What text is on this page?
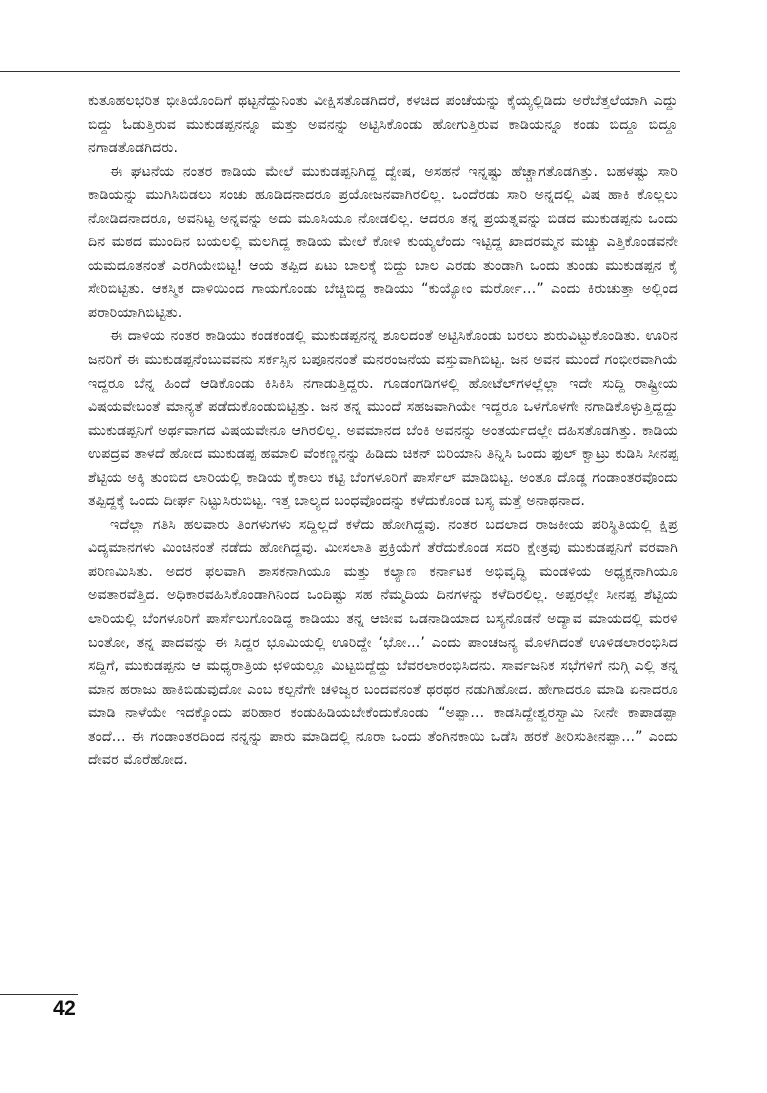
ಕುತೂಹಲಭರಿತ ಭೀತಿಯೊಂದಿಗೆ ಥಟ್ಟನೆದ್ದುನಿಂತು ವೀಕ್ಷಿಸತೊಡಗಿದರೆ, ಕಳಚಿದ ಪಂಚೆಯನ್ನು ಕೈಯ್ಯಲ್ಲಿಡಿದು ಅರೆಬೆತ್ತಲೆಯಾಗಿ ಎದ್ದು ಬಿದ್ದು ಓಡುತ್ತಿರುವ ಮುಕುಡಪ್ಪನನ್ನೂ ಮತ್ತು ಅವನನ್ನು ಅಟ್ಟಿಸಿಕೊಂಡು ಹೋಗುತ್ತಿರುವ ಕಾಡಿಯನ್ನೂ ಕಂಡು ಬಿದ್ದೂ ಬಿದ್ದೂ ನಗಾಡತೊಡಗಿದರು.

ಈ ಘಟನೆಯ ನಂತರ ಕಾಡಿಯ ಮೇಲೆ ಮುಕುಡಪ್ಪನಿಗಿದ್ದ ದ್ವೇಷ, ಅಸಹನೆ ಇನ್ನಷ್ಟು ಹೆಚ್ಚಾಗತೊಡಗಿತ್ತು. ಬಹಳಷ್ಟು ಸಾರಿ ಕಾಡಿಯನ್ನು ಮುಗಿಸಿಬಿಡಲು ಸಂಚು ಹೂಡಿದನಾದರೂ ಪ್ರಯೋಜನವಾಗಿರಲಿಲ್ಲ. ಒಂದೆರಡು ಸಾರಿ ಅನ್ನದಲ್ಲಿ ವಿಷ ಹಾಕಿ ಕೊಲ್ಲಲು ನೋಡಿದನಾದರೂ, ಅವನಿಟ್ಟ ಅನ್ನವನ್ನು ಅದು ಮೂಸಿಯೂ ನೋಡಲಿಲ್ಲ. ಆದರೂ ತನ್ನ ಪ್ರಯತ್ನವನ್ನು ಬಿಡದ ಮುಕುಡಪ್ಪನು ಒಂದು ದಿನ ಮಠದ ಮುಂದಿನ ಬಯಲಲ್ಲಿ ಮಲಗಿದ್ದ ಕಾಡಿಯ ಮೇಲೆ ಕೋಳಿ ಕುಯ್ಯಲೆಂದು ಇಟ್ಟಿದ್ದ ಖಾದರಮ್ಮನ ಮಚ್ಚು ಎತ್ತಿಕೊಂಡವನೇ ಯಮದೂತನಂತೆ ಎರಗಿಯೇಬಿಟ್ಟ! ಆಯ ತಪ್ಪಿದ ಏಟು ಬಾಲಕ್ಕೆ ಬಿದ್ದು ಬಾಲ ಎರಡು ತುಂಡಾಗಿ ಒಂದು ತುಂಡು ಮುಕುಡಪ್ಪನ ಕೈ ಸೇರಿಬಿಟ್ಟಿತು. ಆಕಸ್ಮಿಕ ದಾಳಿಯಿಂದ ಗಾಯಗೊಂಡು ಬೆಚ್ಚಿಬಿದ್ದ ಕಾಡಿಯು “ಕುಯ್ಯೋಂ ಮರ್ರೋ…” ಎಂದು ಕಿರುಚುತ್ತಾ ಅಲ್ಲಿಂದ ಪರಾರಿಯಾಗಿಬಿಟ್ಟಿತು.

ಈ ದಾಳಿಯ ನಂತರ ಕಾಡಿಯು ಕಂಡಕಂಡಲ್ಲಿ ಮುಕುಡಪ್ಪನನ್ನ ಶೂಲದಂತೆ ಅಟ್ಟಿಸಿಕೊಂಡು ಬರಲು ಶುರುವಿಟ್ಟುಕೊಂಡಿತು. ಊರಿನ ಜನರಿಗೆ ಈ ಮುಕುಡಪ್ಪನೆಂಬುವವನು ಸರ್ಕಸ್ಸಿನ ಬಪೂನನಂತೆ ಮನರಂಜನೆಯ ವಸ್ತುವಾಗಿಬಿಟ್ಟ. ಜನ ಅವನ ಮುಂದೆ ಗಂಭೀರವಾಗಿಯೆ ಇದ್ದರೂ ಬೆನ್ನ ಹಿಂದೆ ಆಡಿಕೊಂಡು ಕಿಸಿಕಿಸಿ ನಗಾಡುತ್ತಿದ್ದರು. ಗೂಡಂಗಡಿಗಳಲ್ಲಿ ಹೋಟೆಲ್‌ಗಳಲ್ಲೆಲ್ಲಾ ಇದೇ ಸುದ್ದಿ ರಾಷ್ಟ್ರೀಯ ವಿಷಯವೇಬಂತೆ ಮಾನ್ಯತೆ ಪಡೆದುಕೊಂಡುಬಿಟ್ಟಿತ್ತು. ಜನ ತನ್ನ ಮುಂದೆ ಸಹಜವಾಗಿಯೇ ಇದ್ದರೂ ಒಳಗೊಳಗೇ ನಗಾಡಿಕೊಳ್ಳುತ್ತಿದ್ದದ್ದು ಮುಕುಡಪ್ಪನಿಗೆ ಅರ್ಥವಾಗದ ವಿಷಯವೇನೂ ಆಗಿರಲಿಲ್ಲ. ಅವಮಾನದ ಬೆಂಕಿ ಅವನನ್ನು ಅಂತರ್ಯದಲ್ಲೇ ದಹಿಸತೊಡಗಿತ್ತು. ಕಾಡಿಯ ಉಪದ್ರವ ತಾಳದೆ ಹೋದ ಮುಕುಡಪ್ಪ ಹಮಾಲಿ ವೆಂಕಣ್ಣನನ್ನು ಹಿಡಿದು ಚಿಕನ್ ಬಿರಿಯಾನಿ ತಿನ್ನಿಸಿ ಒಂದು ಫುಲ್ ಕ್ವಾಟ್ರು ಕುಡಿಸಿ ಸೀನಪ್ಪ ಶೆಟ್ಟಿಯ ಅಕ್ಕಿ ತುಂಬಿದ ಲಾರಿಯಲ್ಲಿ ಕಾಡಿಯ ಕೈಕಾಲು ಕಟ್ಟಿ ಬೆಂಗಳೂರಿಗೆ ಪಾರ್ಸೆಲ್ ಮಾಡಿಬಿಟ್ಟ. ಅಂತೂ ದೊಡ್ಡ ಗಂಡಾಂತರವೊಂದು ತಪ್ಪಿದ್ದಕ್ಕೆ ಒಂದು ದೀರ್ಘ ನಿಟ್ಟುಸಿರುಬಿಟ್ಟ. ಇತ್ತ ಬಾಲ್ಯದ ಬಂಧವೊಂದನ್ನು ಕಳೆದುಕೊಂಡ ಬಸ್ಯ ಮತ್ತೆ ಅನಾಥನಾದ.

ಇದೆಲ್ಲಾ ಗತಿಸಿ ಹಲವಾರು ತಿಂಗಳುಗಳು ಸದ್ದಿಲ್ಲದೆ ಕಳೆದು ಹೋಗಿದ್ದವು. ನಂತರ ಬದಲಾದ ರಾಜಕೀಯ ಪರಿಸ್ಥಿತಿಯಲ್ಲಿ ಕ್ಷಿಪ್ರ ವಿದ್ಯಮಾನಗಳು ಮಿಂಚಿನಂತೆ ನಡೆದು ಹೋಗಿದ್ದವು. ಮೀಸಲಾತಿ ಪ್ರಕ್ರಿಯೆಗೆ ತೆರೆದುಕೊಂಡ ಸದರಿ ಕ್ಷೇತ್ರವು ಮುಕುಡಪ್ಪನಿಗೆ ವರವಾಗಿ ಪರಿಣಮಿಸಿತು. ಅದರ ಫಲವಾಗಿ ಶಾಸಕನಾಗಿಯೂ ಮತ್ತು ಕಲ್ಯಾಣ ಕರ್ನಾಟಕ ಅಭಿವೃದ್ಧಿ ಮಂಡಳಿಯ ಅಧ್ಯಕ್ಷನಾಗಿಯೂ ಅವತಾರವೆತ್ತಿದ. ಅಧಿಕಾರವಹಿಸಿಕೊಂಡಾಗಿನಿಂದ ಒಂದಿಷ್ಟು ಸಹ ನೆಮ್ಮದಿಯ ದಿನಗಳನ್ನು ಕಳೆದಿರಲಿಲ್ಲ. ಅಪ್ಪರಲ್ಲೇ ಸೀನಪ್ಪ ಶೆಟ್ಟಿಯ ಲಾರಿಯಲ್ಲಿ ಬೆಂಗಳೂರಿಗೆ ಪಾರ್ಸೆಲುಗೊಂಡಿದ್ದ ಕಾಡಿಯು ತನ್ನ ಆಜೀವ ಒಡನಾಡಿಯಾದ ಬಸ್ಯನೊಡನೆ ಅದ್ಯಾವ ಮಾಯದಲ್ಲಿ ಮರಳಿ ಬಂತೋ, ತನ್ನ ಪಾದವನ್ನು ಈ ಸಿದ್ದರ ಭೂಮಿಯಲ್ಲಿ ಊರಿದ್ದೇ ‘ಭೋ...’ ಎಂದು ಪಾಂಚಜನ್ಯ ಮೊಳಗಿದಂತೆ ಊಳಿಡಲಾರಂಭಿಸಿದ ಸದ್ದಿಗೆ, ಮುಕುಡಪ್ಪನು ಆ ಮಧ್ಯರಾತ್ರಿಯ ಛಳಿಯಲ್ಲೂ ಮಿಟ್ಟಬಿದ್ದೆದ್ದು ಬೆವರಲಾರಂಭಿಸಿದನು. ಸಾರ್ವಜನಿಕ ಸಭೆಗಳಿಗೆ ನುಗ್ಗಿ ಎಲ್ಲಿ ತನ್ನ ಮಾನ ಹರಾಜು ಹಾಕಿಬಿಡುವುದೋ ಎಂಬ ಕಲ್ಪನೆಗೇ ಚಳಿಜ್ವರ ಬಂದವನಂತೆ ಥರಥರ ನಡುಗಿಹೋದ. ಹೇಗಾದರೂ ಮಾಡಿ ಏನಾದರೂ ಮಾಡಿ ನಾಳೆಯೇ ಇದಕ್ಕೊಂದು ಪರಿಹಾರ ಕಂಡುಹಿಡಿಯಬೇಕೆಂದುಕೊಂಡು “ಅಪ್ಪಾ... ಕಾಡಸಿದ್ದೇಶ್ವರಸ್ವಾಮಿ ನೀನೇ ಕಾಪಾಡಪ್ಪಾ ತಂದೆ... ಈ ಗಂಡಾಂತರದಿಂದ ನನ್ನನ್ನು ಪಾರು ಮಾಡಿದಲ್ಲಿ ನೂರಾ ಒಂದು ತೆಂಗಿನಕಾಯಿ ಒಡೆಸಿ ಹರಕೆ ತೀರಿಸುತೀನಪ್ಪಾ...” ಎಂದು ದೇವರ ಮೊರೆಹೋದ.

42
